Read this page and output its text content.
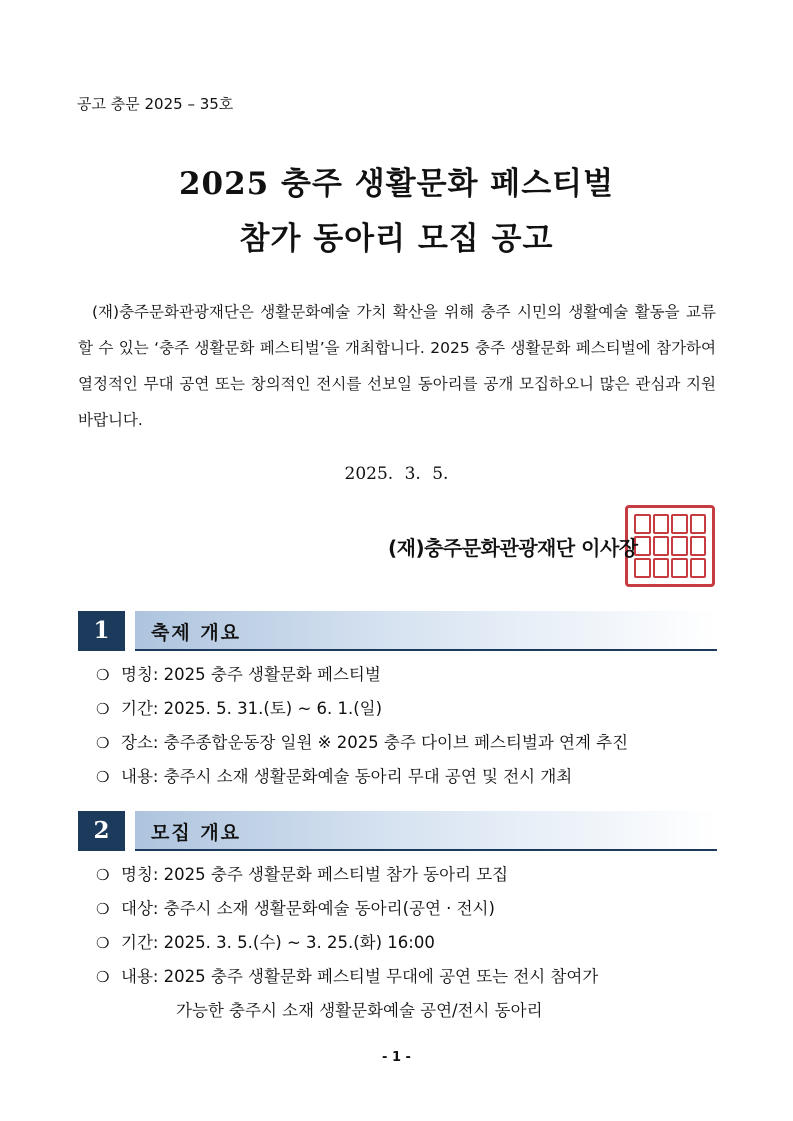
공고 충문 2025 – 35호
2025 충주 생활문화 페스티벌
참가 동아리 모집 공고
(재)충주문화관광재단은 생활문화예술 가치 확산을 위해 충주 시민의 생활예술 활동을 교류할 수 있는 ‘충주 생활문화 페스티벌’을 개최합니다. 2025 충주 생활문화 페스티벌에 참가하여 열정적인 무대 공연 또는 창의적인 전시를 선보일 동아리를 공개 모집하오니 많은 관심과 지원 바랍니다.
2025. 3. 5.
(재)충주문화관광재단 이사장
1	축제 개요
❍ 명칭: 2025 충주 생활문화 페스티벌
❍ 기간: 2025. 5. 31.(토) ~ 6. 1.(일)
❍ 장소: 충주종합운동장 일원 ※ 2025 충주 다이브 페스티벌과 연계 추진
❍ 내용: 충주시 소재 생활문화예술 동아리 무대 공연 및 전시 개최
2	모집 개요
❍ 명칭: 2025 충주 생활문화 페스티벌 참가 동아리 모집
❍ 대상: 충주시 소재 생활문화예술 동아리(공연 · 전시)
❍ 기간: 2025. 3. 5.(수) ~ 3. 25.(화) 16:00
❍ 내용: 2025 충주 생활문화 페스티벌 무대에 공연 또는 전시 참여가
가능한 충주시 소재 생활문화예술 공연/전시 동아리
- 1 -
